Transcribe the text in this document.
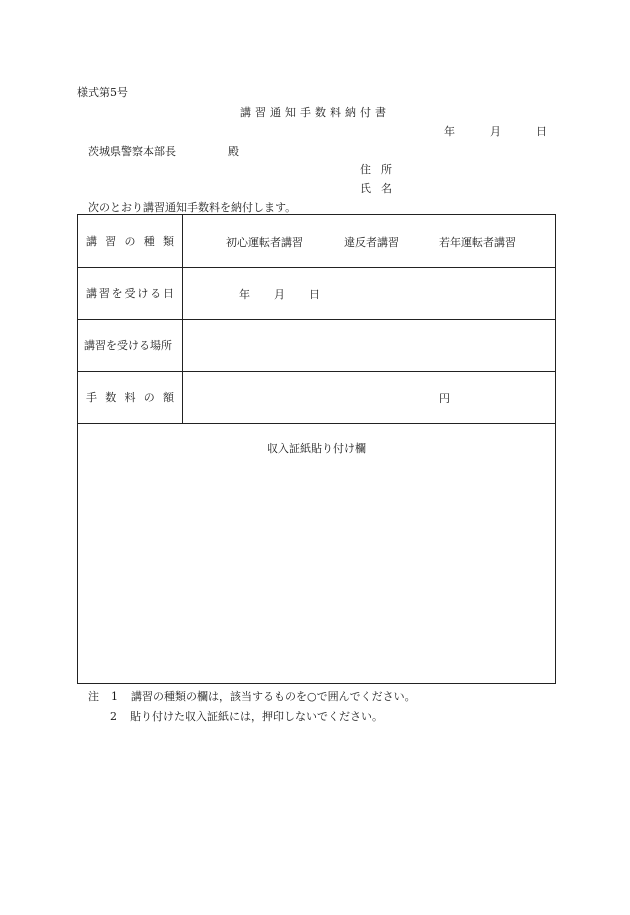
様式第5号
講習通知手数料納付書
年	月	日
茨城県警察本部長	殿
住所
氏名
次のとおり講習通知手数料を納付します。
講 習 の 種 類	初心運転者講習	違反者講習	若年運転者講習
講 習 を 受 け る 日	年 月 日
講習を受ける場所
手 数 料 の 額	円
収入証紙貼り付け欄
注 1 講習の種類の欄は，該当するものを○で囲んでください。
2 貼り付けた収入証紙には，押印しないでください。
